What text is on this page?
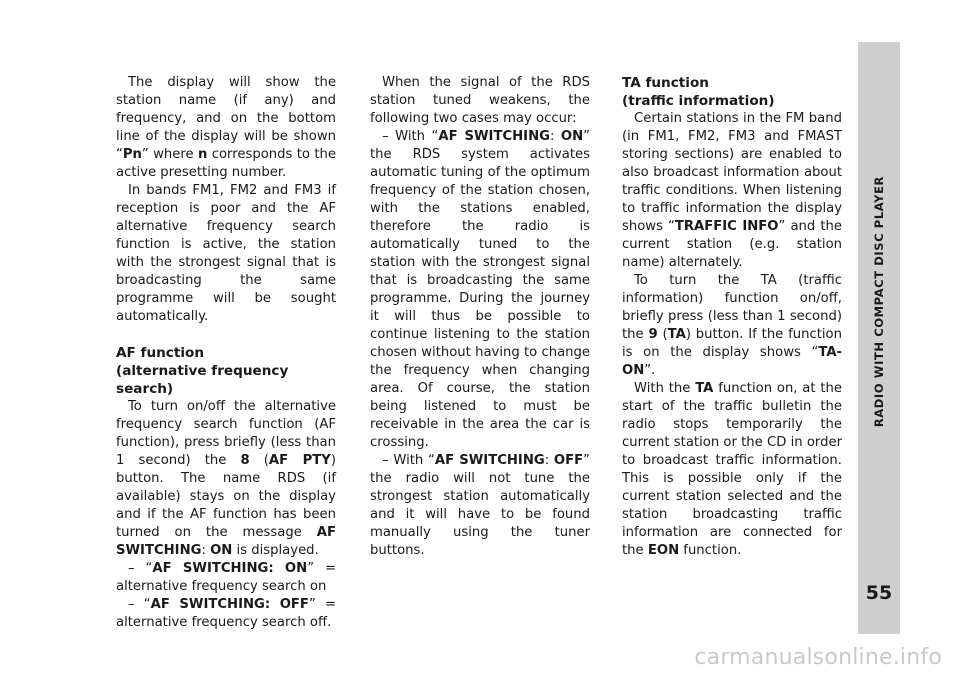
The display will show the station name (if any) and frequency, and on the bottom line of the display will be shown “Pn” where n corresponds to the active presetting number.

In bands FM1, FM2 and FM3 if reception is poor and the AF alternative frequency search function is active, the station with the strongest signal that is broadcasting the same programme will be sought automatically.

AF function
(alternative frequency search)

To turn on/off the alternative frequency search function (AF function), press briefly (less than 1 second) the 8 (AF PTY) button. The name RDS (if available) stays on the display and if the AF function has been turned on the message AF SWITCHING: ON is displayed.

– “AF SWITCHING: ON” = alternative frequency search on

– “AF SWITCHING: OFF” = alternative frequency search off.

When the signal of the RDS station tuned weakens, the following two cases may occur:

– With “AF SWITCHING: ON” the RDS system activates automatic tuning of the optimum frequency of the station chosen, with the stations enabled, therefore the radio is automatically tuned to the station with the strongest signal that is broadcasting the same programme. During the journey it will thus be possible to continue listening to the station chosen without having to change the frequency when changing area. Of course, the station being listened to must be receivable in the area the car is crossing.

– With “AF SWITCHING: OFF” the radio will not tune the strongest station automatically and it will have to be found manually using the tuner buttons.

TA function
(traffic information)

Certain stations in the FM band (in FM1, FM2, FM3 and FMAST storing sections) are enabled to also broadcast information about traffic conditions. When listening to traffic information the display shows “TRAFFIC INFO” and the current station (e.g. station name) alternately.

To turn the TA (traffic information) function on/off, briefly press (less than 1 second) the 9 (TA) button. If the function is on the display shows “TA-ON”.

With the TA function on, at the start of the traffic bulletin the radio stops temporarily the current station or the CD in order to broadcast traffic information. This is possible only if the current station selected and the station broadcasting traffic information are connected for the EON function.

RADIO WITH COMPACT DISC PLAYER
55
carmanualsonline.info
